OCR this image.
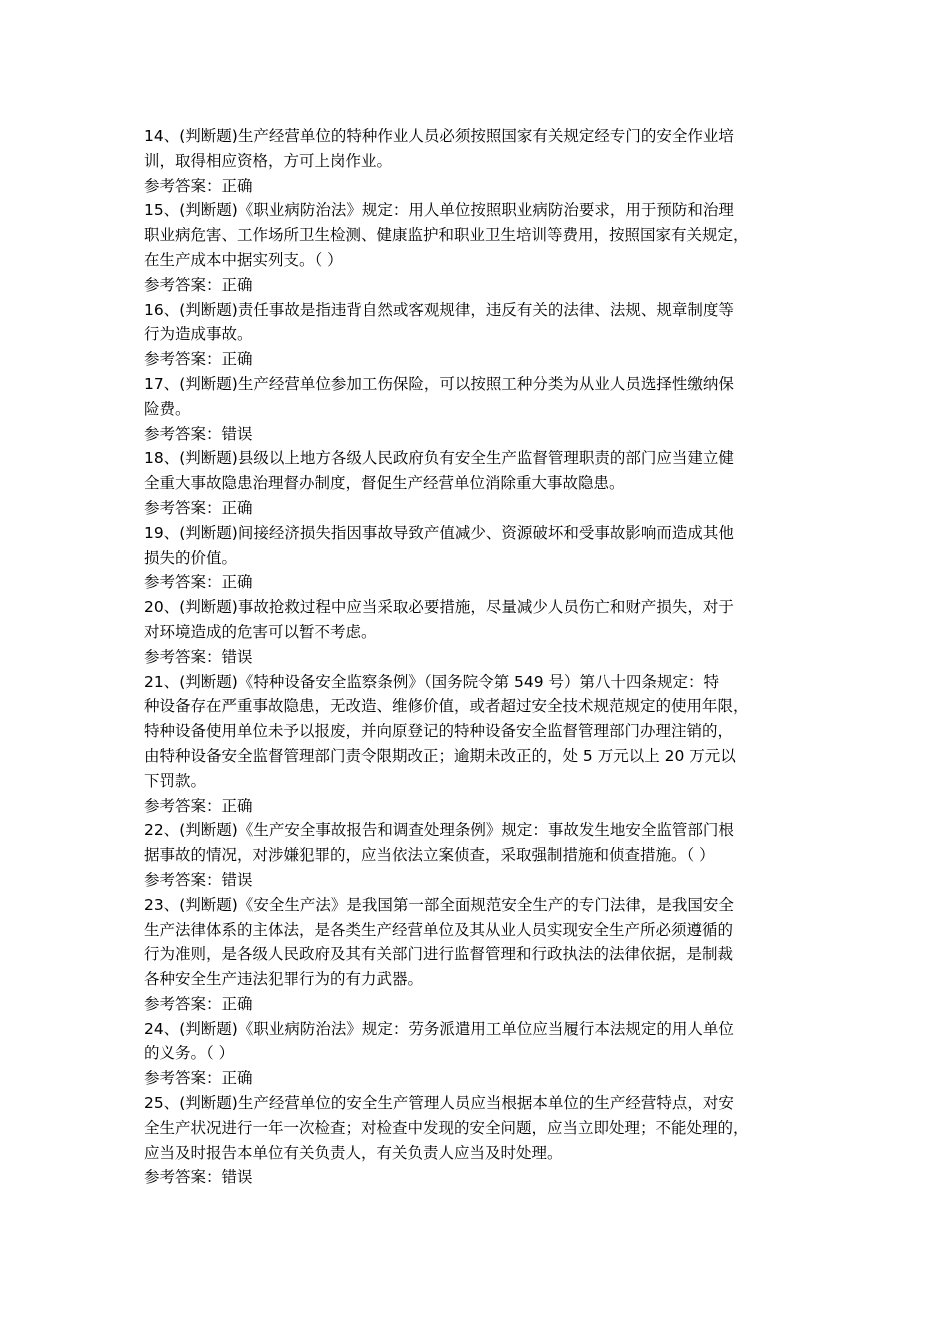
14、(判断题)生产经营单位的特种作业人员必须按照国家有关规定经专门的安全作业培
训，取得相应资格，方可上岗作业。
参考答案：正确
15、(判断题)《职业病防治法》规定：用人单位按照职业病防治要求，用于预防和治理
职业病危害、工作场所卫生检测、健康监护和职业卫生培训等费用，按照国家有关规定，
在生产成本中据实列支。（ ）
参考答案：正确
16、(判断题)责任事故是指违背自然或客观规律，违反有关的法律、法规、规章制度等
行为造成事故。
参考答案：正确
17、(判断题)生产经营单位参加工伤保险，可以按照工种分类为从业人员选择性缴纳保
险费。
参考答案：错误
18、(判断题)县级以上地方各级人民政府负有安全生产监督管理职责的部门应当建立健
全重大事故隐患治理督办制度，督促生产经营单位消除重大事故隐患。
参考答案：正确
19、(判断题)间接经济损失指因事故导致产值减少、资源破坏和受事故影响而造成其他
损失的价值。
参考答案：正确
20、(判断题)事故抢救过程中应当采取必要措施，尽量减少人员伤亡和财产损失，对于
对环境造成的危害可以暂不考虑。
参考答案：错误
21、(判断题)《特种设备安全监察条例》（国务院令第 549 号）第八十四条规定：特
种设备存在严重事故隐患，无改造、维修价值，或者超过安全技术规范规定的使用年限，
特种设备使用单位未予以报废，并向原登记的特种设备安全监督管理部门办理注销的，
由特种设备安全监督管理部门责令限期改正；逾期未改正的，处 5 万元以上 20 万元以
下罚款。
参考答案：正确
22、(判断题)《生产安全事故报告和调查处理条例》规定：事故发生地安全监管部门根
据事故的情况，对涉嫌犯罪的，应当依法立案侦查，采取强制措施和侦查措施。（ ）
参考答案：错误
23、(判断题)《安全生产法》是我国第一部全面规范安全生产的专门法律，是我国安全
生产法律体系的主体法，是各类生产经营单位及其从业人员实现安全生产所必须遵循的
行为准则，是各级人民政府及其有关部门进行监督管理和行政执法的法律依据，是制裁
各种安全生产违法犯罪行为的有力武器。
参考答案：正确
24、(判断题)《职业病防治法》规定：劳务派遣用工单位应当履行本法规定的用人单位
的义务。（ ）
参考答案：正确
25、(判断题)生产经营单位的安全生产管理人员应当根据本单位的生产经营特点，对安
全生产状况进行一年一次检查；对检查中发现的安全问题，应当立即处理；不能处理的，
应当及时报告本单位有关负责人，有关负责人应当及时处理。
参考答案：错误
